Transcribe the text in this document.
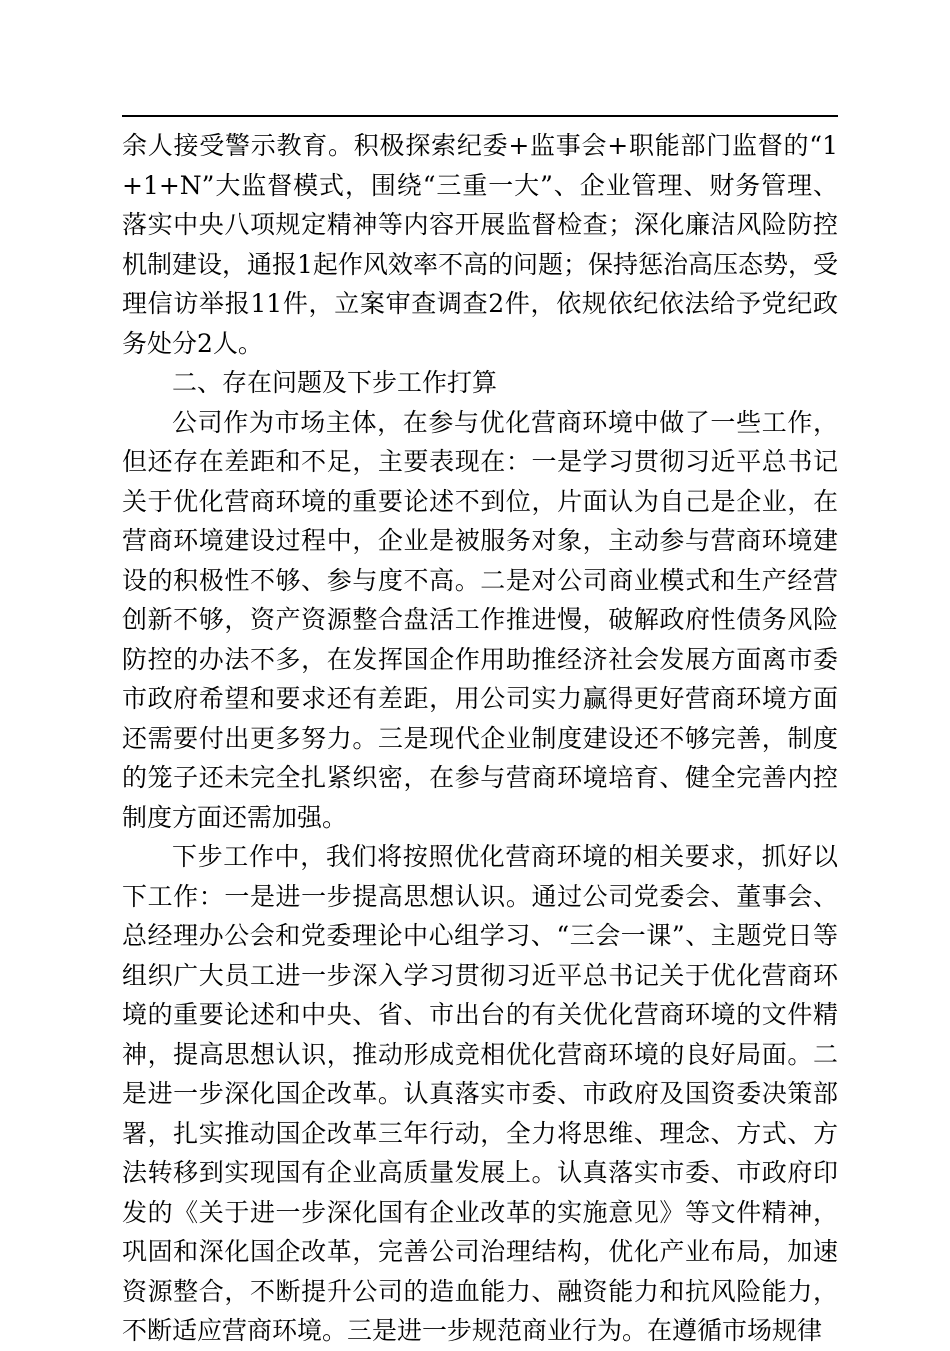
余人接受警示教育。积极探索纪委+监事会+职能部门监督的“1+1+N”大监督模式，围绕“三重一大”、企业管理、财务管理、落实中央八项规定精神等内容开展监督检查；深化廉洁风险防控机制建设，通报1起作风效率不高的问题；保持惩治高压态势，受理信访举报11件，立案审查调查2件，依规依纪依法给予党纪政务处分2人。

二、存在问题及下步工作打算

公司作为市场主体，在参与优化营商环境中做了一些工作，但还存在差距和不足，主要表现在：一是学习贯彻习近平总书记关于优化营商环境的重要论述不到位，片面认为自己是企业，在营商环境建设过程中，企业是被服务对象，主动参与营商环境建设的积极性不够、参与度不高。二是对公司商业模式和生产经营创新不够，资产资源整合盘活工作推进慢，破解政府性债务风险防控的办法不多，在发挥国企作用助推经济社会发展方面离市委市政府希望和要求还有差距，用公司实力赢得更好营商环境方面还需要付出更多努力。三是现代企业制度建设还不够完善，制度的笼子还未完全扎紧织密，在参与营商环境培育、健全完善内控制度方面还需加强。

下步工作中，我们将按照优化营商环境的相关要求，抓好以下工作：一是进一步提高思想认识。通过公司党委会、董事会、总经理办公会和党委理论中心组学习、“三会一课”、主题党日等组织广大员工进一步深入学习贯彻习近平总书记关于优化营商环境的重要论述和中央、省、市出台的有关优化营商环境的文件精神，提高思想认识，推动形成竞相优化营商环境的良好局面。二是进一步深化国企改革。认真落实市委、市政府及国资委决策部署，扎实推动国企改革三年行动，全力将思维、理念、方式、方法转移到实现国有企业高质量发展上。认真落实市委、市政府印发的《关于进一步深化国有企业改革的实施意见》等文件精神，巩固和深化国企改革，完善公司治理结构，优化产业布局，加速资源整合，不断提升公司的造血能力、融资能力和抗风险能力，不断适应营商环境。三是进一步规范商业行为。在遵循市场规律
